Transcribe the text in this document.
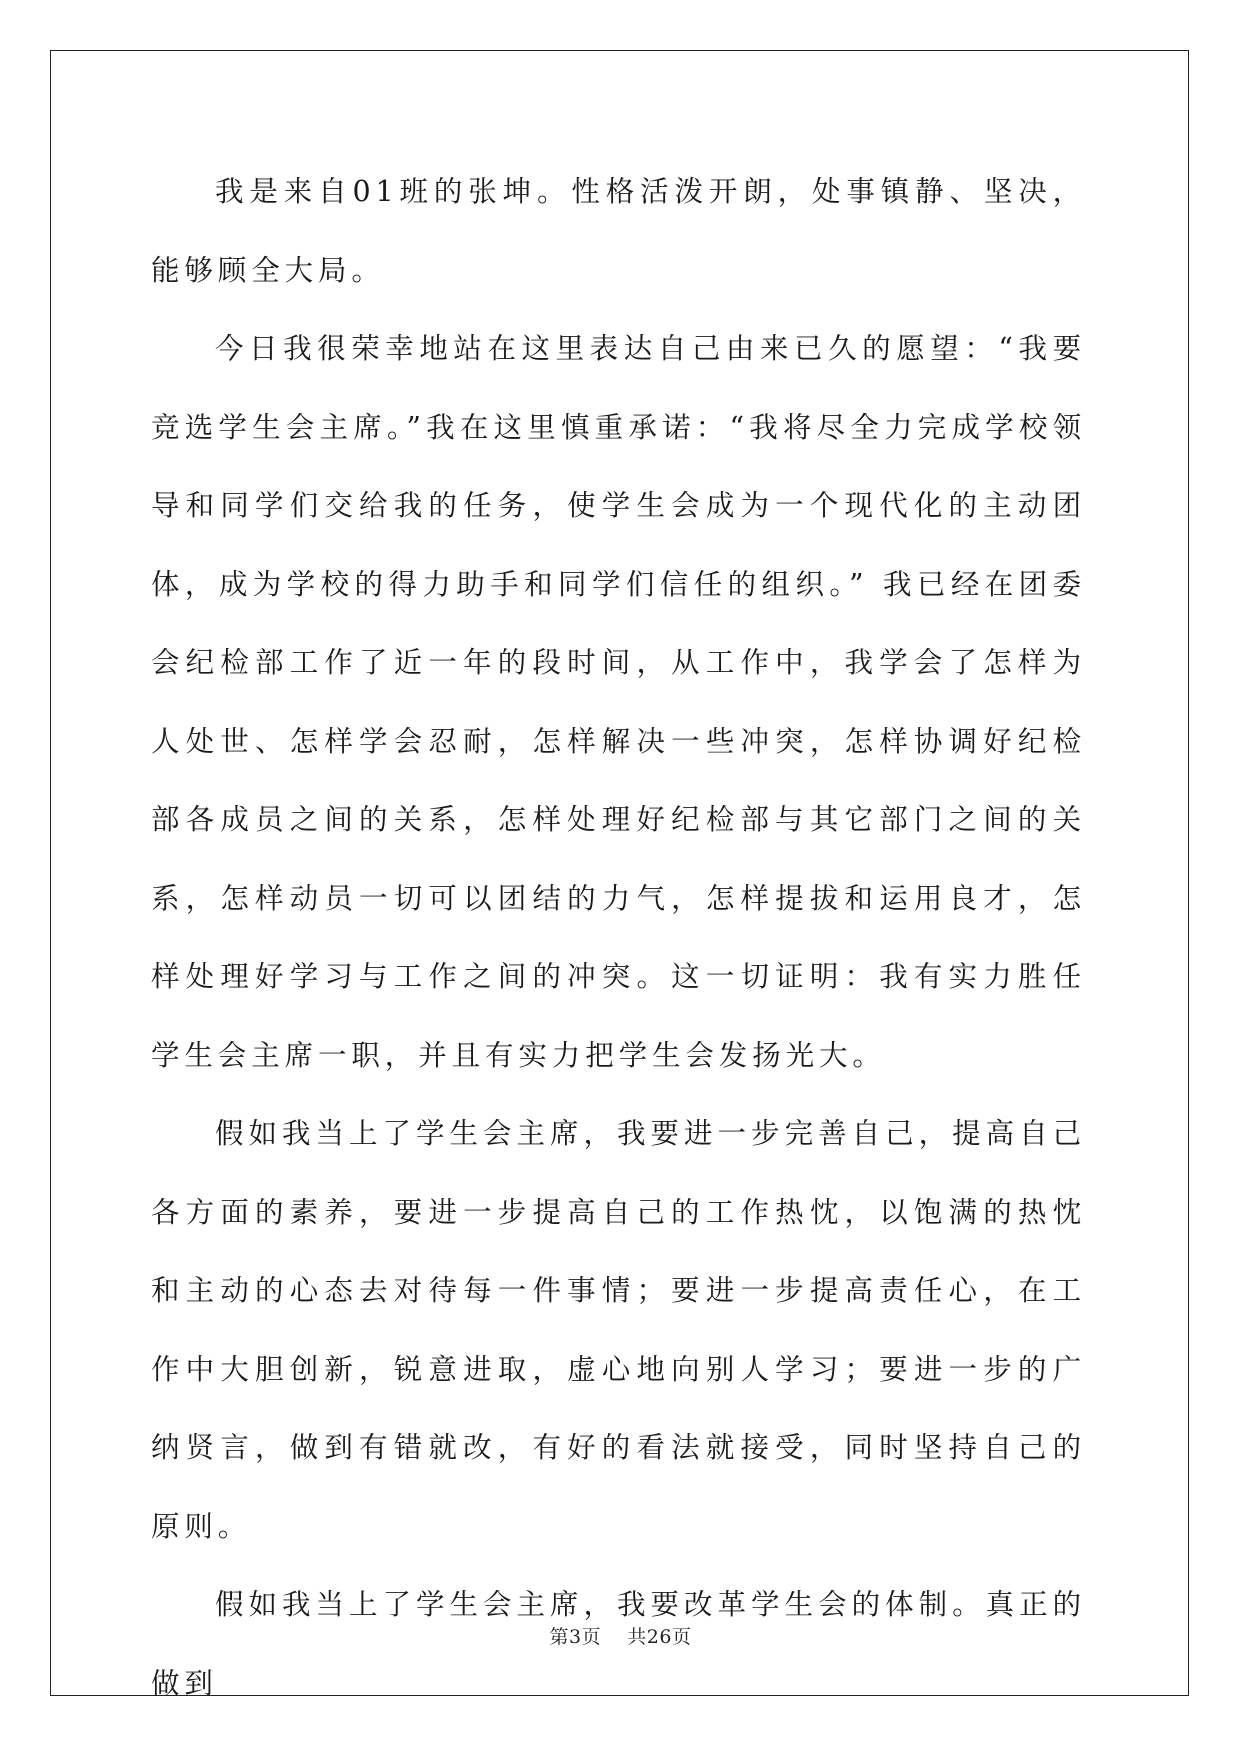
我是来自01班的张坤。性格活泼开朗，处事镇静、坚决，能够顾全大局。

今日我很荣幸地站在这里表达自己由来已久的愿望：“我要竞选学生会主席。”我在这里慎重承诺：“我将尽全力完成学校领导和同学们交给我的任务，使学生会成为一个现代化的主动团体，成为学校的得力助手和同学们信任的组织。” 我已经在团委会纪检部工作了近一年的段时间，从工作中，我学会了怎样为人处世、怎样学会忍耐，怎样解决一些冲突，怎样协调好纪检部各成员之间的关系，怎样处理好纪检部与其它部门之间的关系，怎样动员一切可以团结的力气，怎样提拔和运用良才，怎样处理好学习与工作之间的冲突。这一切证明：我有实力胜任学生会主席一职，并且有实力把学生会发扬光大。

假如我当上了学生会主席，我要进一步完善自己，提高自己各方面的素养，要进一步提高自己的工作热忱，以饱满的热忱和主动的心态去对待每一件事情；要进一步提高责任心，在工作中大胆创新，锐意进取，虚心地向别人学习；要进一步的广纳贤言，做到有错就改，有好的看法就接受，同时坚持自己的原则。

假如我当上了学生会主席，我要改革学生会的体制。真正的做到

第3页 共26页
